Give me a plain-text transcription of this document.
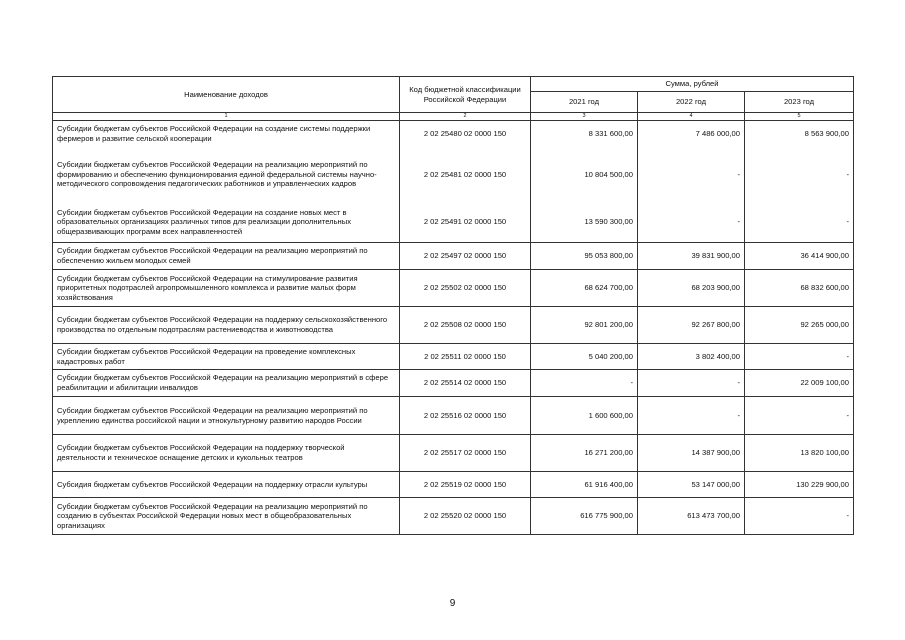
Наименование доходов	Код бюджетной классификации Российской Федерации	Сумма, рублей		
		2021 год	2022 год	2023 год
1	2	3	4	5
Субсидии бюджетам субъектов Российской Федерации на создание системы поддержки фермеров и развитие сельской кооперации	2 02 25480 02 0000 150	8 331 600,00	7 486 000,00	8 563 900,00
Субсидии бюджетам субъектов Российской Федерации на реализацию мероприятий по формированию и обеспечению функционирования единой федеральной системы научно-методического сопровождения педагогических работников и управленческих кадров	2 02 25481 02 0000 150	10 804 500,00	-	-
Субсидии бюджетам субъектов Российской Федерации на создание новых мест в образовательных организациях различных типов для реализации дополнительных общеразвивающих программ всех направленностей	2 02 25491 02 0000 150	13 590 300,00	-	-
Субсидии бюджетам субъектов Российской Федерации на реализацию мероприятий по обеспечению жильем молодых семей	2 02 25497 02 0000 150	95 053 800,00	39 831 900,00	36 414 900,00
Субсидии бюджетам субъектов Российской Федерации на стимулирование развития приоритетных подотраслей агропромышленного комплекса и развитие малых форм хозяйствования	2 02 25502 02 0000 150	68 624 700,00	68 203 900,00	68 832 600,00
Субсидии бюджетам субъектов Российской Федерации на поддержку сельскохозяйственного производства по отдельным подотраслям растениеводства и животноводства	2 02 25508 02 0000 150	92 801 200,00	92 267 800,00	92 265 000,00
Субсидии бюджетам субъектов Российской Федерации на проведение комплексных кадастровых работ	2 02 25511 02 0000 150	5 040 200,00	3 802 400,00	-
Субсидии бюджетам субъектов Российской Федерации на реализацию мероприятий в сфере реабилитации и абилитации инвалидов	2 02 25514 02 0000 150	-	-	22 009 100,00
Субсидии бюджетам субъектов Российской Федерации на реализацию мероприятий по укреплению единства российской нации и этнокультурному развитию народов России	2 02 25516 02 0000 150	1 600 600,00	-	-
Субсидии бюджетам субъектов Российской Федерации на поддержку творческой деятельности и техническое оснащение детских и кукольных театров	2 02 25517 02 0000 150	16 271 200,00	14 387 900,00	13 820 100,00
Субсидия бюджетам субъектов Российской Федерации на поддержку отрасли культуры	2 02 25519 02 0000 150	61 916 400,00	53 147 000,00	130 229 900,00
Субсидии бюджетам субъектов Российской Федерации на реализацию мероприятий по созданию в субъектах Российской Федерации новых мест в общеобразовательных организациях	2 02 25520 02 0000 150	616 775 900,00	613 473 700,00	-
9
